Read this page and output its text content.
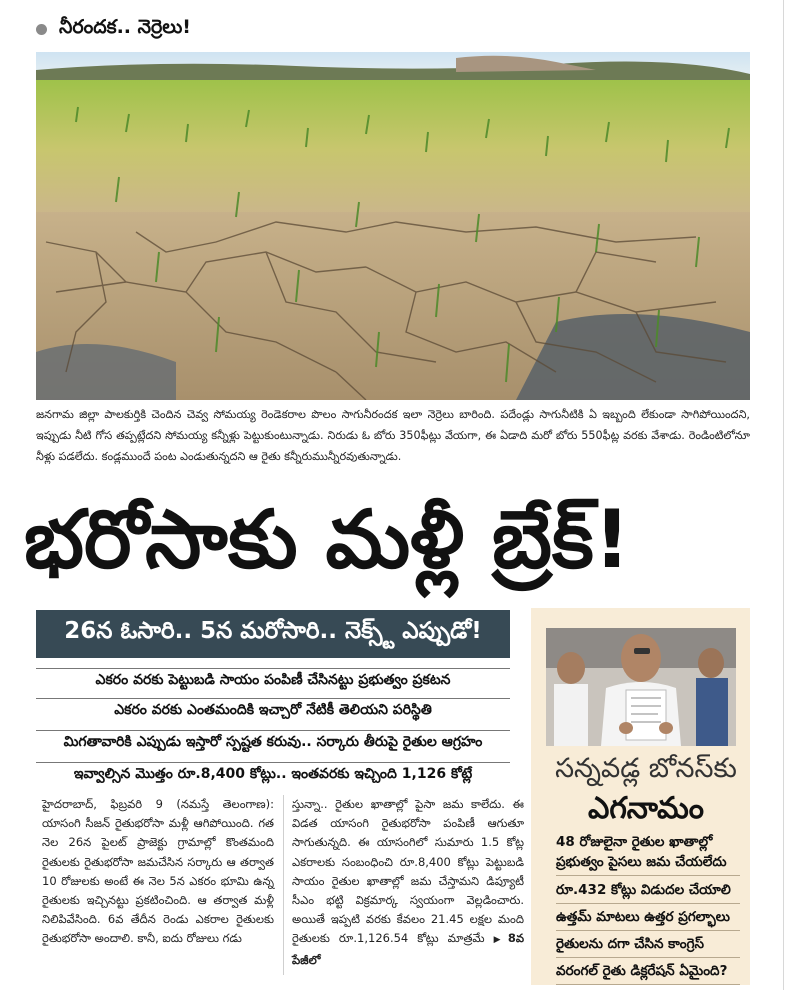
నీరందక.. నెర్రెలు!
జనగామ జిల్లా పాలకుర్తికి చెందిన చెవ్వ సోమయ్య రెండెకరాల పొలం సాగునీరందక ఇలా నెర్రెలు బారింది. పదేండ్లు సాగునీటికి ఏ ఇబ్బంది లేకుండా సాగిపోయిందని, ఇప్పుడు నీటి గోస తప్పట్లేదని సోమయ్య కన్నీళ్లు పెట్టుకుంటున్నాడు. నిరుడు ఓ బోరు 350ఫీట్లు వేయగా, ఈ ఏడాది మరో బోరు 550ఫీట్ల వరకు వేశాడు. రెండింటిలోనూ నీళ్లు పడలేదు. కండ్లముందే పంట ఎండుతున్నదని ఆ రైతు కన్నీరుమున్నీరవుతున్నాడు.
భరోసాకు మళ్లీ బ్రేక్‌!
26న ఓసారి.. 5న మరోసారి.. నెక్స్ట్‌ ఎప్పుడో!
ఎకరం వరకు పెట్టుబడి సాయం పంపిణీ చేసినట్టు ప్రభుత్వం ప్రకటన
ఎకరం వరకు ఎంతమందికి ఇచ్చారో నేటికీ తెలియని పరిస్థితి
మిగతావారికి ఎప్పుడు ఇస్తారో స్పష్టత కరువు.. సర్కారు తీరుపై రైతుల ఆగ్రహం
ఇవ్వాల్సిన మొత్తం రూ.8,400 కోట్లు.. ఇంతవరకు ఇచ్చింది 1,126 కోట్లే
హైదరాబాద్‌, ఫిబ్రవరి 9 (నమస్తే తెలంగాణ): యాసంగి సీజన్‌ రైతుభరోసా మళ్లీ ఆగిపోయింది. గత నెల 26న పైలట్‌ ప్రాజెక్టు గ్రామాల్లో కొంతమంది రైతులకు రైతుభరోసా జమచేసిన సర్కారు ఆ తర్వాత 10 రోజులకు అంటే ఈ నెల 5న ఎకరం భూమి ఉన్న రైతులకు ఇచ్చినట్టు ప్రకటించింది. ఆ తర్వాత మళ్లీ నిలిపివేసింది. 6వ తేదీన రెండు ఎకరాల రైతులకు రైతుభరోసా అందాలి. కానీ, ఐదు రోజులు గడు
స్తున్నా.. రైతుల ఖాతాల్లో పైసా జమ కాలేదు. ఈ విడత యాసంగి రైతుభరోసా పంపిణీ ఆగుతూ సాగుతున్నది. ఈ యాసంగిలో సుమారు 1.5 కోట్ల ఎకరాలకు సంబంధించి రూ.8,400 కోట్లు పెట్టుబడి సాయం రైతుల ఖాతాల్లో జమ చేస్తామని డిప్యూటీ సీఎం భట్టి విక్రమార్క స్వయంగా వెల్లడించారు. అయితే ఇప్పటి వరకు కేవలం 21.45 లక్షల మంది రైతులకు రూ.1,126.54 కోట్లు మాత్రమే ▶ 8వ పేజీలో
సన్నవడ్ల బోనస్‌కు
ఎగనామం
48 రోజులైనా రైతుల ఖాతాల్లో ప్రభుత్వం పైసలు జమ చేయలేదు
రూ.432 కోట్లు విడుదల చేయాలి
ఉత్తమ్‌ మాటలు ఉత్తర ప్రగల్భాలు
రైతులను దగా చేసిన కాంగ్రెస్‌
వరంగల్‌ రైతు డిక్లరేషన్‌ ఏమైంది?
